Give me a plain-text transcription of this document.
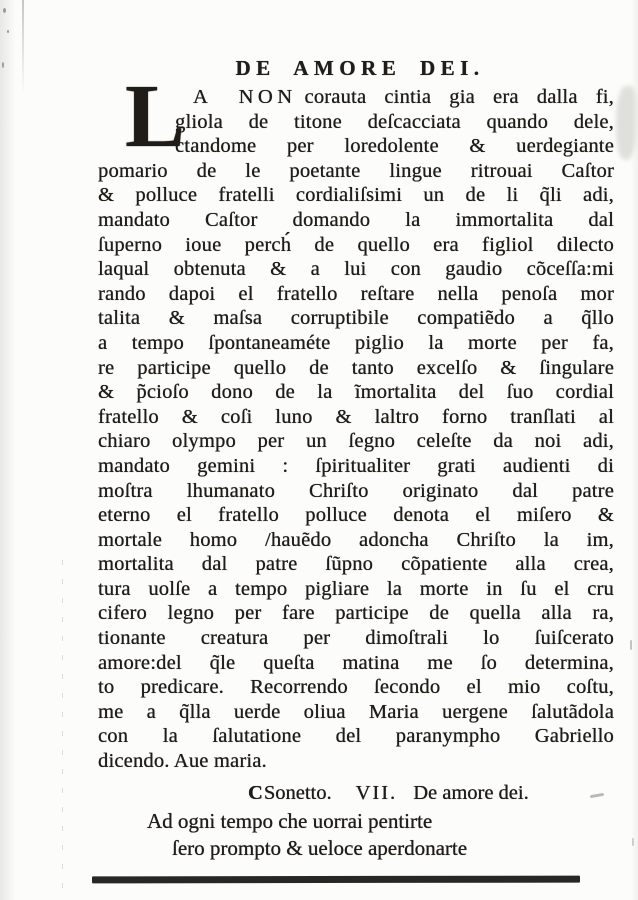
DE AMORE DEI.
L A NON corauta cintia gia era dalla fi,
gliola de titone deſcacciata quando dele,
ctandome per loredolente & uerdegiante
pomario de le poetante lingue ritrouai Caſtor
& polluce fratelli cordialiſsimi un de li q̃li adi,
mandato Caſtor domando la immortalita dal
ſuperno ioue perch́ de quello era figliol dilecto
laqual obtenuta & a lui con gaudio cõceſſa:mi
rando dapoi el fratello reſtare nella penoſa mor
talita & maſsa corruptibile compatiẽdo a q̃llo
a tempo ſpontaneaméte piglio la morte per fa,
re participe quello de tanto excelſo & ſingulare
& p̃cioſo dono de la ĩmortalita del ſuo cordial
fratello & coſi luno & laltro forno tranſlati al
chiaro olympo per un ſegno celeſte da noi adi,
mandato gemini : ſpiritualiter grati audienti di
moſtra lhumanato Chriſto originato dal patre
eterno el fratello polluce denota el miſero &
mortale homo /hauẽdo adoncha Chriſto la im,
mortalita dal patre ſũpno cõpatiente alla crea,
tura uolſe a tempo pigliare la morte in ſu el cru
cifero legno per fare participe de quella alla ra,
tionante creatura per dimoſtrali lo ſuiſcerato
amore:del q̃le queſta matina me ſo determina,
to predicare. Recorrendo ſecondo el mio coſtu,
me a q̃lla uerde oliua Maria uergene ſalutãdola
con la ſalutatione del paranympho Gabriello
dicendo. Aue maria.
CSonetto. VII. De amore dei.
Ad ogni tempo che uorrai pentirte
ſero prompto & ueloce aperdonarte
